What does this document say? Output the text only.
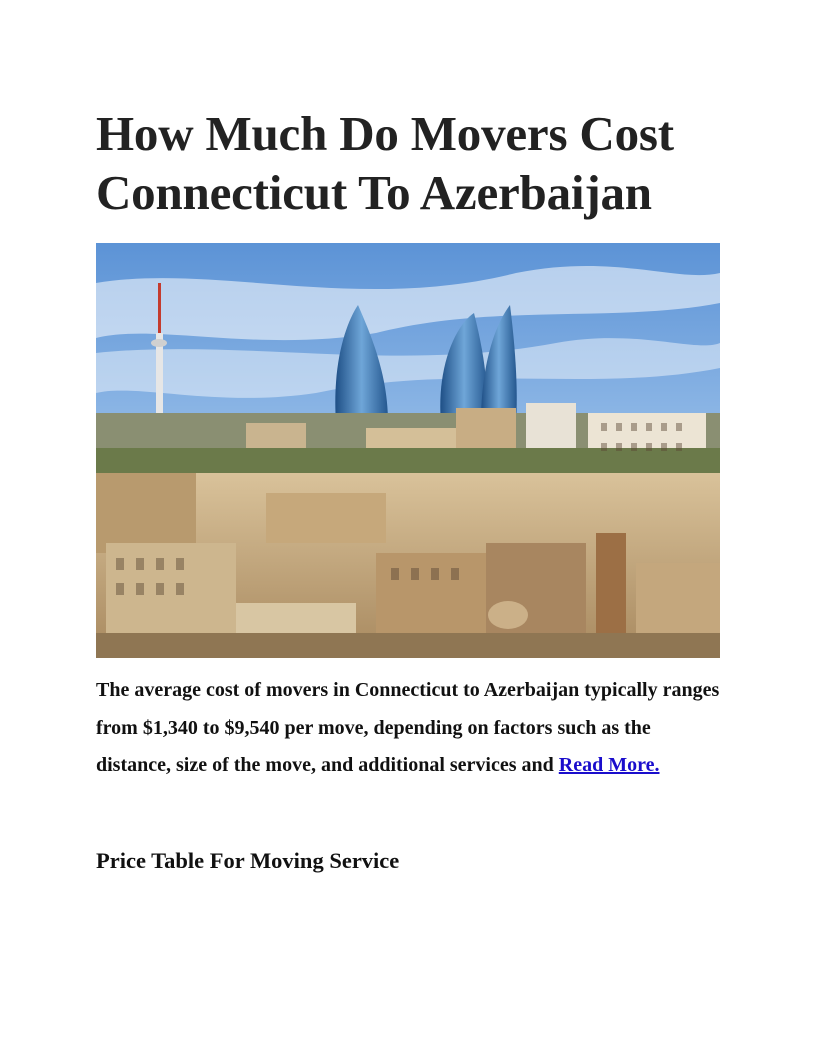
How Much Do Movers Cost
Connecticut To Azerbaijan

The average cost of movers in Connecticut to Azerbaijan typically ranges from $1,340 to $9,540 per move, depending on factors such as the distance, size of the move, and additional services and Read More.

Price Table For Moving Service
